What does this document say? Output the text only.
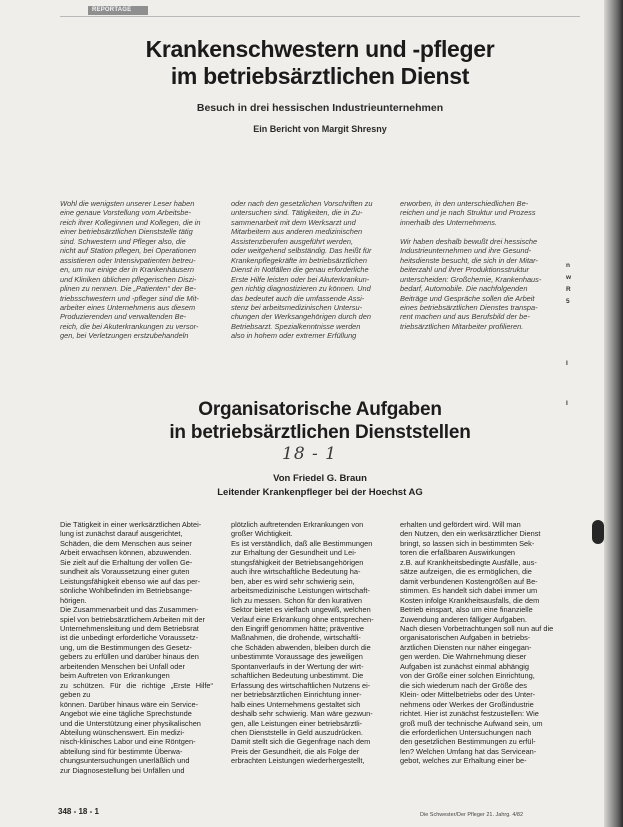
REPORTAGE
Krankenschwestern und -pfleger
im betriebsärztlichen Dienst
Besuch in drei hessischen Industrieunternehmen
Ein Bericht von Margit Shresny
Wohl die wenigsten unserer Leser haben
eine genaue Vorstellung vom Arbeitsbe-
reich ihrer Kolleginnen und Kollegen, die in
einer betriebsärztlichen Dienststelle tätig
sind. Schwestern und Pfleger also, die
nicht auf Station pflegen, bei Operationen
assistieren oder Intensivpatienten betreu-
en, um nur einige der in Krankenhäusern
und Kliniken üblichen pflegerischen Diszi-
plinen zu nennen. Die „Patienten“ der Be-
triebsschwestern und -pfleger sind die Mit-
arbeiter eines Unternehmens aus diesem
Produzierenden und verwaltenden Be-
reich, die bei Akuterkrankungen zu versor-
gen, bei Verletzungen erstzubehandeln
oder nach den gesetzlichen Vorschriften zu
untersuchen sind. Tätigkeiten, die in Zu-
sammenarbeit mit dem Werksarzt und
Mitarbeitern aus anderen medizinischen
Assistenzberufen ausgeführt werden,
oder weitgehend selbständig. Das heißt für
Krankenpflegekräfte im betriebsärztlichen
Dienst in Notfällen die genau erforderliche
Erste Hilfe leisten oder bei Akuterkrankun-
gen richtig diagnostizieren zu können. Und
das bedeutet auch die umfassende Assi-
stenz bei arbeitsmedizinischen Untersu-
chungen der Werksangehörigen durch den
Betriebsarzt. Spezialkenntnisse werden
also in hohem oder extremer Erfüllung
erworben, in den unterschiedlichen Be-
reichen und je nach Struktur und Prozess
innerhalb des Unternehmens.

Wir haben deshalb bewußt drei hessische
Industrieunternehmen und ihre Gesund-
heitsdienste besucht, die sich in der Mitar-
beiterzahl und ihrer Produktionsstruktur
unterscheiden: Großchemie, Krankenhaus-
bedarf, Automobile. Die nachfolgenden
Beiträge und Gespräche sollen die Arbeit
eines betriebsärztlichen Dienstes transpa-
rent machen und aus Berufsbild der be-
triebsärztlichen Mitarbeiter profilieren.
Organisatorische Aufgaben
in betriebsärztlichen Dienststellen
18 - 1
Von Friedel G. Braun
Leitender Krankenpfleger bei der Hoechst AG
Die Tätigkeit in einer werksärztlichen Abtei-
lung ist zunächst darauf ausgerichtet,
Schäden, die dem Menschen aus seiner
Arbeit erwachsen können, abzuwenden.
Sie zielt auf die Erhaltung der vollen Ge-
sundheit als Voraussetzung einer guten
Leistungsfähigkeit ebenso wie auf das per-
sönliche Wohlbefinden im Betriebsange-
hörigen.
Die Zusammenarbeit und das Zusammen-
spiel von betriebsärztlichem Arbeiten mit der
Unternehmensleitung und dem Betriebsrat
ist die unbedingt erforderliche Voraussetz-
ung, um die Bestimmungen des Gesetz-
gebers zu erfüllen und darüber hinaus den
arbeitenden Menschen bei Unfall oder
beim Auftreten von Erkrankungen
zu schützen. Für die richtige „Erste Hilfe“ geben zu
können. Darüber hinaus wäre ein Service-
Angebot wie eine tägliche Sprechstunde
und die Unterstützung einer physikalischen
Abteilung wünschenswert. Ein medizi-
nisch-klinisches Labor und eine Röntgen-
abteilung sind für bestimmte Überwa-
chungsuntersuchungen unerläßlich und
zur Diagnosestellung bei Unfällen und
plötzlich auftretenden Erkrankungen von
großer Wichtigkeit.
Es ist verständlich, daß alle Bestimmungen
zur Erhaltung der Gesundheit und Lei-
stungsfähigkeit der Betriebsangehörigen
auch ihre wirtschaftliche Bedeutung ha-
ben, aber es wird sehr schwierig sein,
arbeitsmedizinische Leistungen wirtschaft-
lich zu messen. Schon für den kurativen
Sektor bietet es vielfach ungewiß, welchen
Verlauf eine Erkrankung ohne entsprechen-
den Eingriff genommen hätte; präventive
Maßnahmen, die drohende, wirtschaftli-
che Schäden abwenden, bleiben durch die
unbestimmte Voraussage des jeweiligen
Spontanverlaufs in der Wertung der wirt-
schaftlichen Bedeutung unbestimmt. Die
Erfassung des wirtschaftlichen Nutzens ei-
ner betriebsärztlichen Einrichtung inner-
halb eines Unternehmens gestaltet sich
deshalb sehr schwierig. Man wäre gezwun-
gen, alle Leistungen einer betriebsärztli-
chen Dienststelle in Geld auszudrücken.
Damit stellt sich die Gegenfrage nach dem
Preis der Gesundheit, die als Folge der
erbrachten Leistungen wiederhergestellt,
erhalten und gefördert wird. Will man
den Nutzen, den ein werksärztlicher Dienst
bringt, so lassen sich in bestimmten Sek-
toren die erfaßbaren Auswirkungen
z.B. auf Krankheitsbedingte Ausfälle, aus-
sätze aufzeigen, die es ermöglichen, die
damit verbundenen Kostengrößen auf Be-
stimmen. Es handelt sich dabei immer um
Kosten infolge Krankheitsausfalls, die dem
Betrieb einspart, also um eine finanzielle
Zuwendung anderen fälliger Aufgaben.
Nach diesen Vorbetrachtungen soll nun auf die
organisatorischen Aufgaben in betriebs-
ärztlichen Diensten nur näher eingegan-
gen werden. Die Wahrnehmung dieser
Aufgaben ist zunächst einmal abhängig
von der Größe einer solchen Einrichtung,
die sich wiederum nach der Größe des
Klein- oder Mittelbetriebs oder des Unter-
nehmens oder Werkes der Großindustrie
richtet. Hier ist zunächst festzustellen: Wie
groß muß der technische Aufwand sein, um
die erforderlichen Untersuchungen nach
den gesetzlichen Bestimmungen zu erfül-
len? Welchen Umfang hat das Servicean-
gebot, welches zur Erhaltung einer be-
348 - 18 - 1	Die Schwester/Der Pfleger 21. Jahrg. 4/82
n
w
R
5
I
I
